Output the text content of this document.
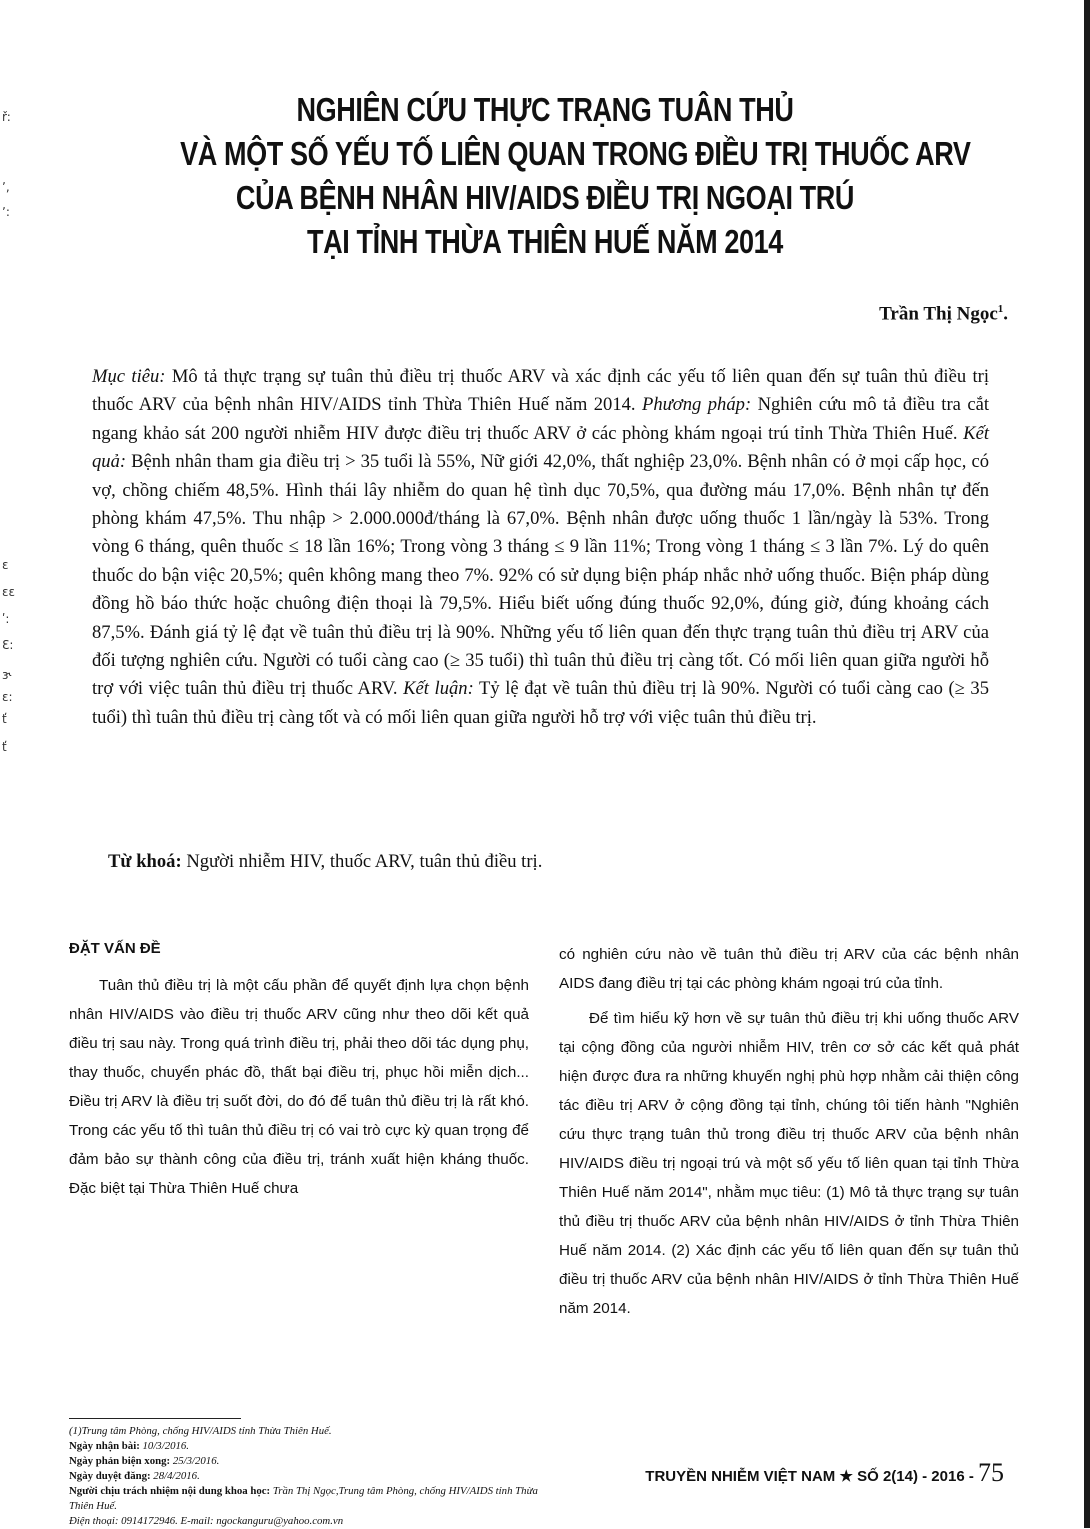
ř:
ʼ,
ʼ:
ɛ
ɛɛ
ʹ:
Ɛ:
ɝ
ɛ:
ť
ť
NGHIÊN CỨU THỰC TRẠNG TUÂN THỦ
VÀ MỘT SỐ YẾU TỐ LIÊN QUAN TRONG ĐIỀU TRỊ THUỐC ARV
CỦA BỆNH NHÂN HIV/AIDS ĐIỀU TRỊ NGOẠI TRÚ
TẠI TỈNH THỪA THIÊN HUẾ NĂM 2014
Trần Thị Ngọc$^1$.
Mục tiêu: Mô tả thực trạng sự tuân thủ điều trị thuốc ARV và xác định các yếu tố liên quan đến sự tuân thủ điều trị thuốc ARV của bệnh nhân HIV/AIDS tỉnh Thừa Thiên Huế năm 2014. Phương pháp: Nghiên cứu mô tả điều tra cắt ngang khảo sát 200 người nhiễm HIV được điều trị thuốc ARV ở các phòng khám ngoại trú tỉnh Thừa Thiên Huế. Kết quả: Bệnh nhân tham gia điều trị > 35 tuổi là 55%, Nữ giới 42,0%, thất nghiệp 23,0%. Bệnh nhân có ở mọi cấp học, có vợ, chồng chiếm 48,5%. Hình thái lây nhiễm do quan hệ tình dục 70,5%, qua đường máu 17,0%. Bệnh nhân tự đến phòng khám 47,5%. Thu nhập > 2.000.000đ/tháng là 67,0%. Bệnh nhân được uống thuốc 1 lần/ngày là 53%. Trong vòng 6 tháng, quên thuốc ≤ 18 lần 16%; Trong vòng 3 tháng ≤ 9 lần 11%; Trong vòng 1 tháng ≤ 3 lần 7%. Lý do quên thuốc do bận việc 20,5%; quên không mang theo 7%. 92% có sử dụng biện pháp nhắc nhở uống thuốc. Biện pháp dùng đồng hồ báo thức hoặc chuông điện thoại là 79,5%. Hiểu biết uống đúng thuốc 92,0%, đúng giờ, đúng khoảng cách 87,5%. Đánh giá tỷ lệ đạt về tuân thủ điều trị là 90%. Những yếu tố liên quan đến thực trạng tuân thủ điều trị ARV của đối tượng nghiên cứu. Người có tuổi càng cao (≥ 35 tuổi) thì tuân thủ điều trị càng tốt. Có mối liên quan giữa người hỗ trợ với việc tuân thủ điều trị thuốc ARV. Kết luận: Tỷ lệ đạt về tuân thủ điều trị là 90%. Người có tuổi càng cao (≥ 35 tuổi) thì tuân thủ điều trị càng tốt và có mối liên quan giữa người hỗ trợ với việc tuân thủ điều trị.
Từ khoá: Người nhiễm HIV, thuốc ARV, tuân thủ điều trị.
ĐẶT VẤN ĐỀ

Tuân thủ điều trị là một cấu phần để quyết định lựa chọn bệnh nhân HIV/AIDS vào điều trị thuốc ARV cũng như theo dõi kết quả điều trị sau này. Trong quá trình điều trị, phải theo dõi tác dụng phụ, thay thuốc, chuyển phác đồ, thất bại điều trị, phục hồi miễn dịch... Điều trị ARV là điều trị suốt đời, do đó để tuân thủ điều trị là rất khó. Trong các yếu tố thì tuân thủ điều trị có vai trò cực kỳ quan trọng để đảm bảo sự thành công của điều trị, tránh xuất hiện kháng thuốc. Đặc biệt tại Thừa Thiên Huế chưa

có nghiên cứu nào về tuân thủ điều trị ARV của các bệnh nhân AIDS đang điều trị tại các phòng khám ngoại trú của tỉnh.

Để tìm hiểu kỹ hơn về sự tuân thủ điều trị khi uống thuốc ARV tại cộng đồng của người nhiễm HIV, trên cơ sở các kết quả phát hiện được đưa ra những khuyến nghị phù hợp nhằm cải thiện công tác điều trị ARV ở cộng đồng tại tỉnh, chúng tôi tiến hành "Nghiên cứu thực trạng tuân thủ trong điều trị thuốc ARV của bệnh nhân HIV/AIDS điều trị ngoại trú và một số yếu tố liên quan tại tỉnh Thừa Thiên Huế năm 2014", nhằm mục tiêu: (1) Mô tả thực trạng sự tuân thủ điều trị thuốc ARV của bệnh nhân HIV/AIDS ở tỉnh Thừa Thiên Huế năm 2014. (2) Xác định các yếu tố liên quan đến sự tuân thủ điều trị thuốc ARV của bệnh nhân HIV/AIDS ở tỉnh Thừa Thiên Huế năm 2014.

(1)Trung tâm Phòng, chống HIV/AIDS tỉnh Thừa Thiên Huế.
Ngày nhận bài: 10/3/2016.
Ngày phản biện xong: 25/3/2016.
Ngày duyệt đăng: 28/4/2016.
Người chịu trách nhiệm nội dung khoa học: Trần Thị Ngọc,Trung tâm Phòng, chống HIV/AIDS tỉnh Thừa Thiên Huế.
Điện thoại: 0914172946. E-mail: ngockanguru@yahoo.com.vn
TRUYỀN NHIỄM VIỆT NAM ★ SỐ 2(14) - 2016 - 75
